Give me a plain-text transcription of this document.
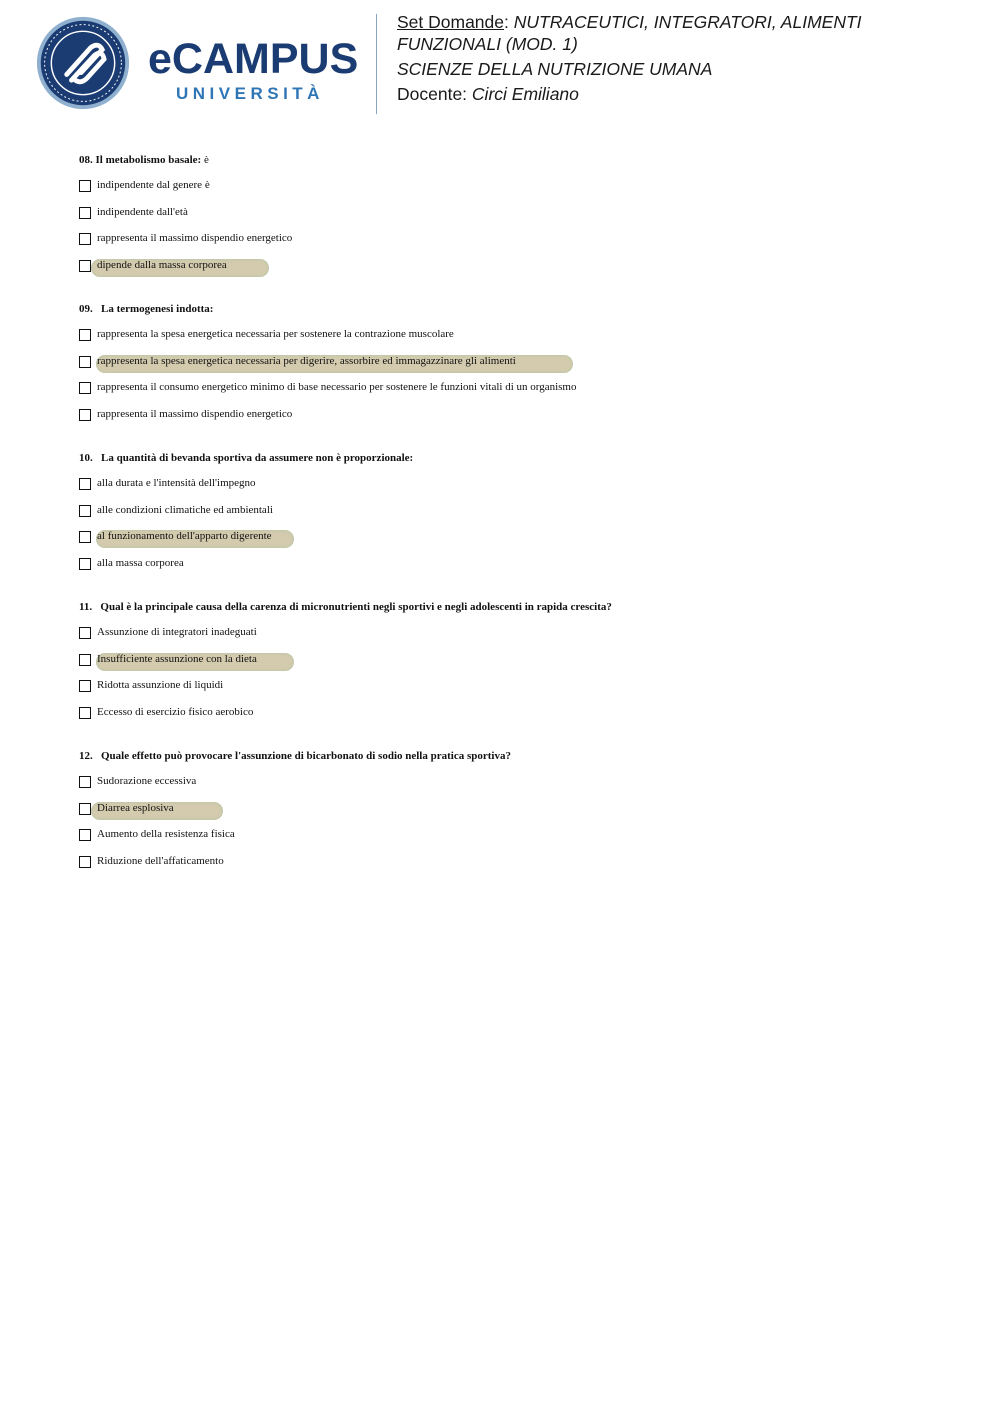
eCAMPUS
UNIVERSITÀ
Set Domande: NUTRACEUTICI, INTEGRATORI, ALIMENTI FUNZIONALI (MOD. 1)
SCIENZE DELLA NUTRIZIONE UMANA
Docente: Circi Emiliano
08. Il metabolismo basale: è
indipendente dal genere è
indipendente dall'età
rappresenta il massimo dispendio energetico
dipende dalla massa corporea
09. La termogenesi indotta:
rappresenta la spesa energetica necessaria per sostenere la contrazione muscolare
rappresenta la spesa energetica necessaria per digerire, assorbire ed immagazzinare gli alimenti
rappresenta il consumo energetico minimo di base necessario per sostenere le funzioni vitali di un organismo
rappresenta il massimo dispendio energetico
10. La quantità di bevanda sportiva da assumere non è proporzionale:
alla durata e l'intensità dell'impegno
alle condizioni climatiche ed ambientali
al funzionamento dell'apparto digerente
alla massa corporea
11. Qual è la principale causa della carenza di micronutrienti negli sportivi e negli adolescenti in rapida crescita?
Assunzione di integratori inadeguati
Insufficiente assunzione con la dieta
Ridotta assunzione di liquidi
Eccesso di esercizio fisico aerobico
12. Quale effetto può provocare l'assunzione di bicarbonato di sodio nella pratica sportiva?
Sudorazione eccessiva
Diarrea esplosiva
Aumento della resistenza fisica
Riduzione dell'affaticamento
